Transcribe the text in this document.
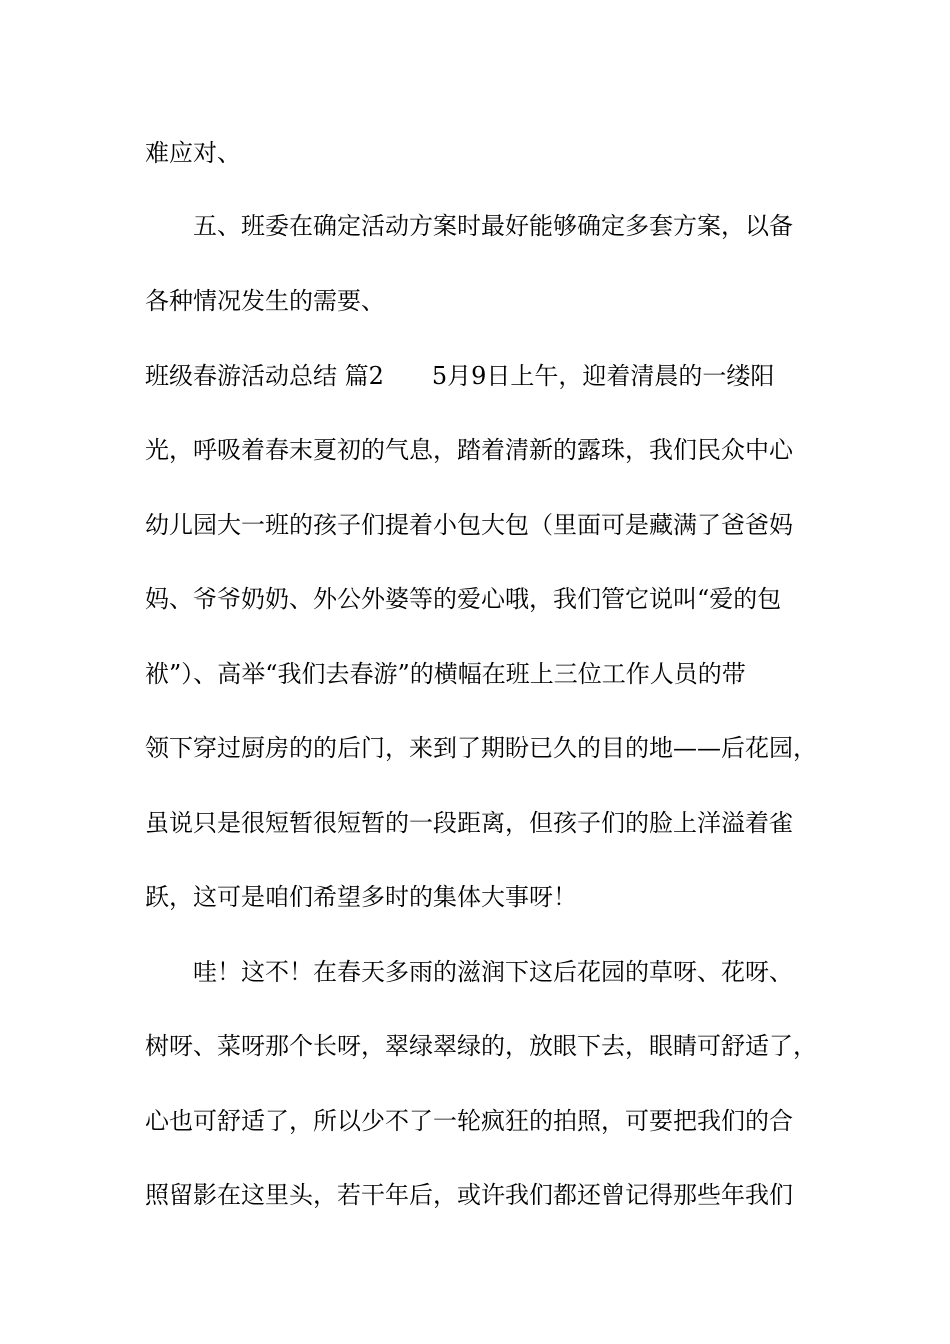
难应对、

　　五、班委在确定活动方案时最好能够确定多套方案，以备

各种情况发生的需要、

班级春游活动总结 篇2　　5月9日上午，迎着清晨的一缕阳

光，呼吸着春末夏初的气息，踏着清新的露珠，我们民众中心

幼儿园大一班的孩子们提着小包大包（里面可是藏满了爸爸妈

妈、爷爷奶奶、外公外婆等的爱心哦，我们管它说叫“爱的包

袱”）、高举“我们去春游”的横幅在班上三位工作人员的带

领下穿过厨房的的后门，来到了期盼已久的目的地——后花园，

虽说只是很短暂很短暂的一段距离，但孩子们的脸上洋溢着雀

跃，这可是咱们希望多时的集体大事呀！

　　哇！这不！在春天多雨的滋润下这后花园的草呀、花呀、

树呀、菜呀那个长呀，翠绿翠绿的，放眼下去，眼睛可舒适了，

心也可舒适了，所以少不了一轮疯狂的拍照，可要把我们的合

照留影在这里头，若干年后，或许我们都还曾记得那些年我们
